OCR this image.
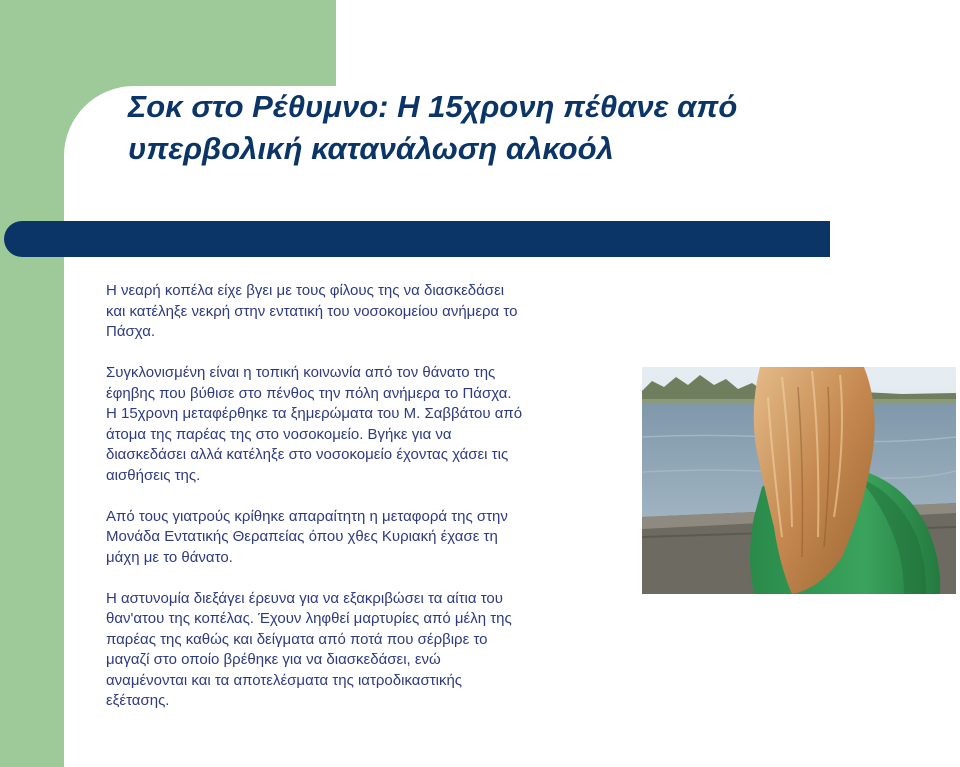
Σοκ στο Ρέθυμνο: Η 15χρονη πέθανε από
υπερβολική κατανάλωση αλκοόλ

Η νεαρή κοπέλα είχε βγει με τους φίλους της να διασκεδάσει
και κατέληξε νεκρή στην εντατική του νοσοκομείου ανήμερα το
Πάσχα.

Συγκλονισμένη είναι η τοπική κοινωνία από τον θάνατο της
έφηβης που βύθισε στο πένθος την πόλη ανήμερα το Πάσχα.
Η 15χρονη μεταφέρθηκε τα ξημερώματα του Μ. Σαββάτου από
άτομα της παρέας της στο νοσοκομείο. Βγήκε για να
διασκεδάσει αλλά κατέληξε στο νοσοκομείο έχοντας χάσει τις
αισθήσεις της.

Από τους γιατρούς κρίθηκε απαραίτητη η μεταφορά της στην
Μονάδα Εντατικής Θεραπείας όπου χθες Κυριακή έχασε τη
μάχη με το θάνατο.

Η αστυνομία διεξάγει έρευνα για να εξακριβώσει τα αίτια του
θαν'ατου της κοπέλας. Έχουν ληφθεί μαρτυρίες από μέλη της
παρέας της καθώς και δείγματα από ποτά που σέρβιρε το
μαγαζί στο οποίο βρέθηκε για να διασκεδάσει, ενώ
αναμένονται και τα αποτελέσματα της ιατροδικαστικής
εξέτασης.
